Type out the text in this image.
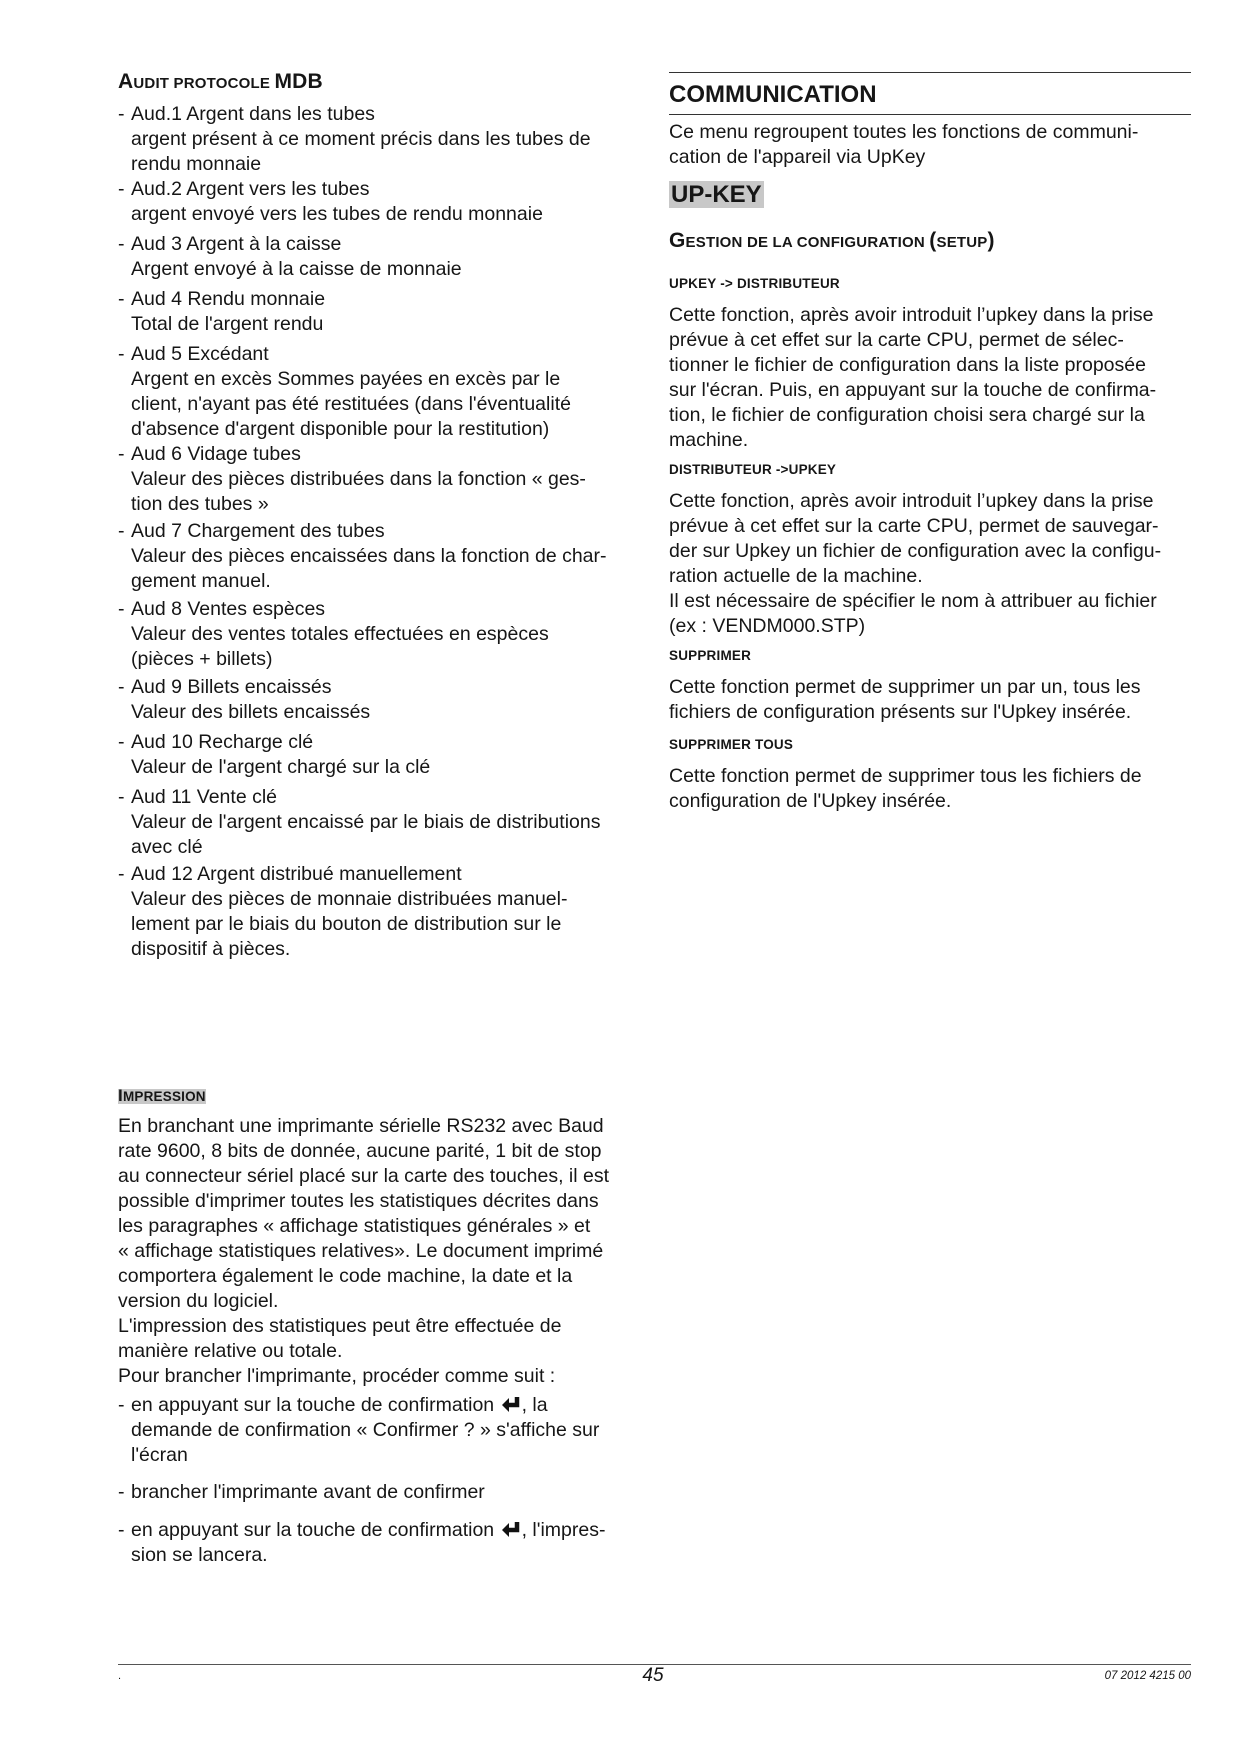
AUDIT PROTOCOLE MDB
- Aud.1 Argent dans les tubes
argent présent à ce moment précis dans les tubes de
rendu monnaie
- Aud.2 Argent vers les tubes
argent envoyé vers les tubes de rendu monnaie
- Aud 3 Argent à la caisse
Argent envoyé à la caisse de monnaie
- Aud 4 Rendu monnaie
Total de l'argent rendu
- Aud 5 Excédant
Argent en excès Sommes payées en excès par le
client, n'ayant pas été restituées (dans l'éventualité
d'absence d'argent disponible pour la restitution)
- Aud 6 Vidage tubes
Valeur des pièces distribuées dans la fonction « ges-
tion des tubes »
- Aud 7 Chargement des tubes
Valeur des pièces encaissées dans la fonction de char-
gement manuel.
- Aud 8 Ventes espèces
Valeur des ventes totales effectuées en espèces
(pièces + billets)
- Aud 9 Billets encaissés
Valeur des billets encaissés
- Aud 10 Recharge clé
Valeur de l'argent chargé sur la clé
- Aud 11 Vente clé
Valeur de l'argent encaissé par le biais de distributions
avec clé
- Aud 12 Argent distribué manuellement
Valeur des pièces de monnaie distribuées manuel-
lement par le biais du bouton de distribution sur le
dispositif à pièces.
IMPRESSION
En branchant une imprimante sérielle RS232 avec Baud
rate 9600, 8 bits de donnée, aucune parité, 1 bit de stop
au connecteur sériel placé sur la carte des touches, il est
possible d'imprimer toutes les statistiques décrites dans
les paragraphes « affichage statistiques générales » et
« affichage statistiques relatives». Le document imprimé
comportera également le code machine, la date et la
version du logiciel.
L'impression des statistiques peut être effectuée de
manière relative ou totale.
Pour brancher l'imprimante, procéder comme suit :
- en appuyant sur la touche de confirmation , la
demande de confirmation « Confirmer ? » s'affiche sur
l'écran
- brancher l'imprimante avant de confirmer
- en appuyant sur la touche de confirmation , l'impres-
sion se lancera.
COMMUNICATION
Ce menu regroupent toutes les fonctions de communi-
cation de l'appareil via UpKey
UP-KEY
GESTION DE LA CONFIGURATION (SETUP)
UPKEY -> DISTRIBUTEUR
Cette fonction, après avoir introduit l’upkey dans la prise
prévue à cet effet sur la carte CPU, permet de sélec-
tionner le fichier de configuration dans la liste proposée
sur l'écran. Puis, en appuyant sur la touche de confirma-
tion, le fichier de configuration choisi sera chargé sur la
machine.
DISTRIBUTEUR ->UPKEY
Cette fonction, après avoir introduit l’upkey dans la prise
prévue à cet effet sur la carte CPU, permet de sauvegar-
der sur Upkey un fichier de configuration avec la configu-
ration actuelle de la machine.
Il est nécessaire de spécifier le nom à attribuer au fichier
(ex : VENDM000.STP)
SUPPRIMER
Cette fonction permet de supprimer un par un, tous les
fichiers de configuration présents sur l'Upkey insérée.
SUPPRIMER TOUS
Cette fonction permet de supprimer tous les fichiers de
configuration de l'Upkey insérée.
.	45	07 2012 4215 00
